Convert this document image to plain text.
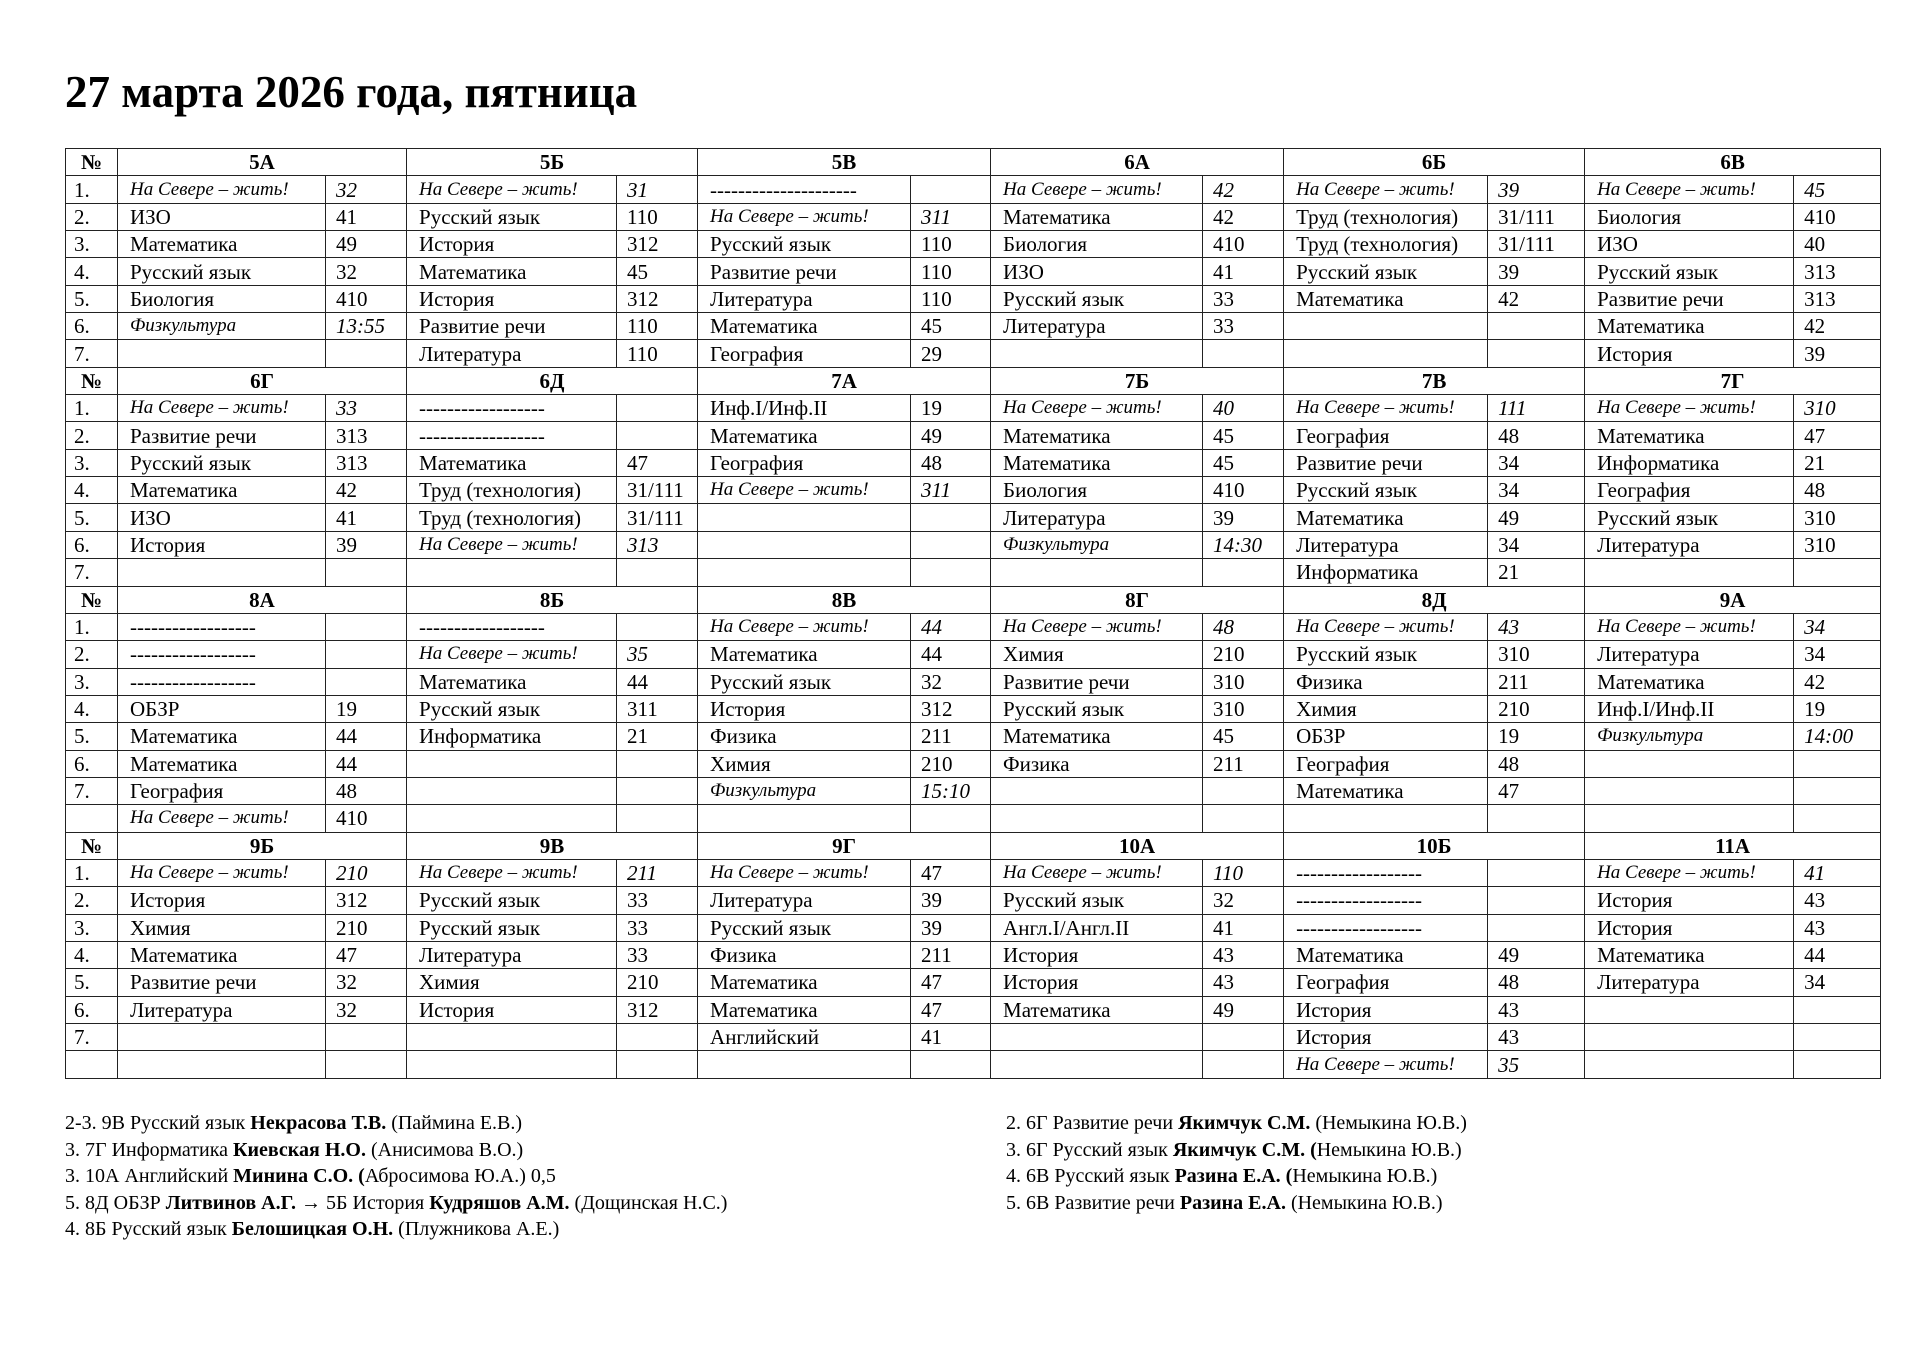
27 марта 2026 года, пятница
№	5А		5Б		5В		6А		6Б		6В	
1.	На Севере – жить!	32	На Севере – жить!	31	---------------------		На Севере – жить!	42	На Севере – жить!	39	На Севере – жить!	45
2.	ИЗО	41	Русский язык	110	На Севере – жить!	311	Математика	42	Труд (технология)	31/111	Биология	410
3.	Математика	49	История	312	Русский язык	110	Биология	410	Труд (технология)	31/111	ИЗО	40
4.	Русский язык	32	Математика	45	Развитие речи	110	ИЗО	41	Русский язык	39	Русский язык	313
5.	Биология	410	История	312	Литература	110	Русский язык	33	Математика	42	Развитие речи	313
6.	Физкультура	13:55	Развитие речи	110	Математика	45	Литература	33			Математика	42
7.			Литература	110	География	29					История	39
№	6Г		6Д		7А		7Б		7В		7Г	
1.	На Севере – жить!	33	------------------		Инф.I/Инф.II	19	На Севере – жить!	40	На Севере – жить!	111	На Севере – жить!	310
2.	Развитие речи	313	------------------		Математика	49	Математика	45	География	48	Математика	47
3.	Русский язык	313	Математика	47	География	48	Математика	45	Развитие речи	34	Информатика	21
4.	Математика	42	Труд (технология)	31/111	На Севере – жить!	311	Биология	410	Русский язык	34	География	48
5.	ИЗО	41	Труд (технология)	31/111			Литература	39	Математика	49	Русский язык	310
6.	История	39	На Севере – жить!	313			Физкультура	14:30	Литература	34	Литература	310
7.									Информатика	21		
№	8А		8Б		8В		8Г		8Д		9А	
1.	------------------		------------------		На Севере – жить!	44	На Севере – жить!	48	На Севере – жить!	43	На Севере – жить!	34
2.	------------------		На Севере – жить!	35	Математика	44	Химия	210	Русский язык	310	Литература	34
3.	------------------		Математика	44	Русский язык	32	Развитие речи	310	Физика	211	Математика	42
4.	ОБЗР	19	Русский язык	311	История	312	Русский язык	310	Химия	210	Инф.I/Инф.II	19
5.	Математика	44	Информатика	21	Физика	211	Математика	45	ОБЗР	19	Физкультура	14:00
6.	Математика	44			Химия	210	Физика	211	География	48		
7.	География	48			Физкультура	15:10			Математика	47		
	На Севере – жить!	410										
№	9Б		9В		9Г		10А		10Б		11А	
1.	На Севере – жить!	210	На Севере – жить!	211	На Севере – жить!	47	На Севере – жить!	110	------------------		На Севере – жить!	41
2.	История	312	Русский язык	33	Литература	39	Русский язык	32	------------------		История	43
3.	Химия	210	Русский язык	33	Русский язык	39	Англ.I/Англ.II	41	------------------		История	43
4.	Математика	47	Литература	33	Физика	211	История	43	Математика	49	Математика	44
5.	Развитие речи	32	Химия	210	Математика	47	История	43	География	48	Литература	34
6.	Литература	32	История	312	Математика	47	Математика	49	История	43		
7.					Английский	41			История	43		
									На Севере – жить!	35		
2-3. 9В Русский язык Некрасова Т.В. (Паймина Е.В.)
3. 7Г Информатика Киевская Н.О. (Анисимова В.О.)
3. 10А Английский Минина С.О. (Абросимова Ю.А.) 0,5
5. 8Д ОБЗР Литвинов А.Г. → 5Б История Кудряшов А.М. (Дощинская Н.С.)
4. 8Б Русский язык Белошицкая О.Н. (Плужникова А.Е.)
2. 6Г Развитие речи Якимчук С.М. (Немыкина Ю.В.)
3. 6Г Русский язык Якимчук С.М. (Немыкина Ю.В.)
4. 6В Русский язык Разина Е.А. (Немыкина Ю.В.)
5. 6В Развитие речи Разина Е.А. (Немыкина Ю.В.)
